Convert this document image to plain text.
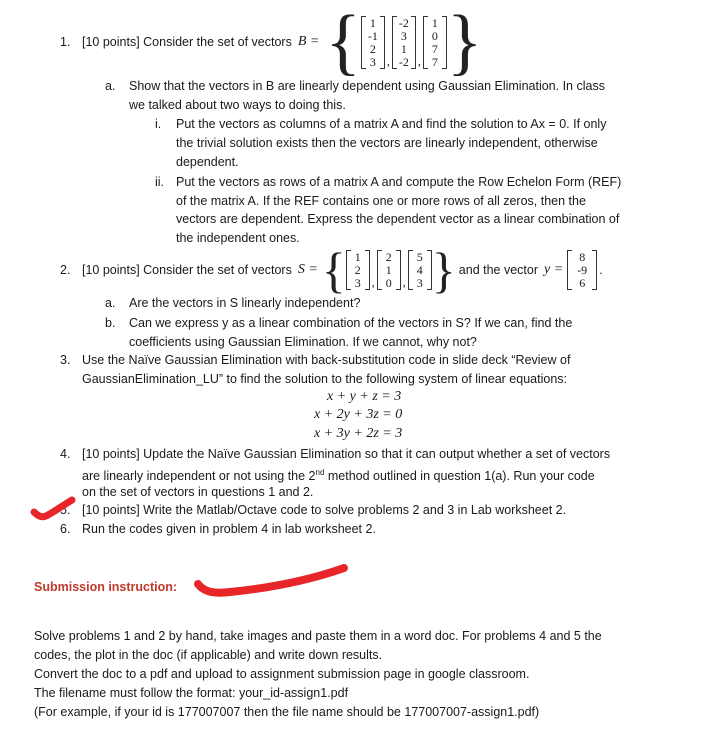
1. [10 points] Consider the set of vectors B = { 1
-1
2
3 ,
-2
3
1
-2 ,
1
0
7
7 }
a. Show that the vectors in B are linearly dependent using Gaussian Elimination. In class
we talked about two ways to doing this.
i. Put the vectors as columns of a matrix A and find the solution to Ax = 0. If only
the trivial solution exists then the vectors are linearly independent, otherwise
dependent.
ii. Put the vectors as rows of a matrix A and compute the Row Echelon Form (REF)
of the matrix A. If the REF contains one or more rows of all zeros, then the
vectors are dependent. Express the dependent vector as a linear combination of
the independent ones.
2. [10 points] Consider the set of vectors S = { 1
2
3 ,
2
1
0 ,
5
4
3 } and the vector y =
8
-9
6
.
a. Are the vectors in S linearly independent?
b. Can we express y as a linear combination of the vectors in S? If we can, find the
coefficients using Gaussian Elimination. If we cannot, why not?
3. Use the Naïve Gaussian Elimination with back-substitution code in slide deck “Review of
GaussianElimination_LU” to find the solution to the following system of linear equations:
x + y + z = 3
x + 2y + 3z = 0
x + 3y + 2z = 3
4. [10 points] Update the Naïve Gaussian Elimination so that it can output whether a set of vectors
are linearly independent or not using the 2nd method outlined in question 1(a). Run your code
on the set of vectors in questions 1 and 2.
5. [10 points] Write the Matlab/Octave code to solve problems 2 and 3 in Lab worksheet 2.
6. Run the codes given in problem 4 in lab worksheet 2.
Submission instruction:
Solve problems 1 and 2 by hand, take images and paste them in a word doc. For problems 4 and 5 the
codes, the plot in the doc (if applicable) and write down results.
Convert the doc to a pdf and upload to assignment submission page in google classroom.
The filename must follow the format: your_id-assign1.pdf
(For example, if your id is 177007007 then the file name should be 177007007-assign1.pdf)
